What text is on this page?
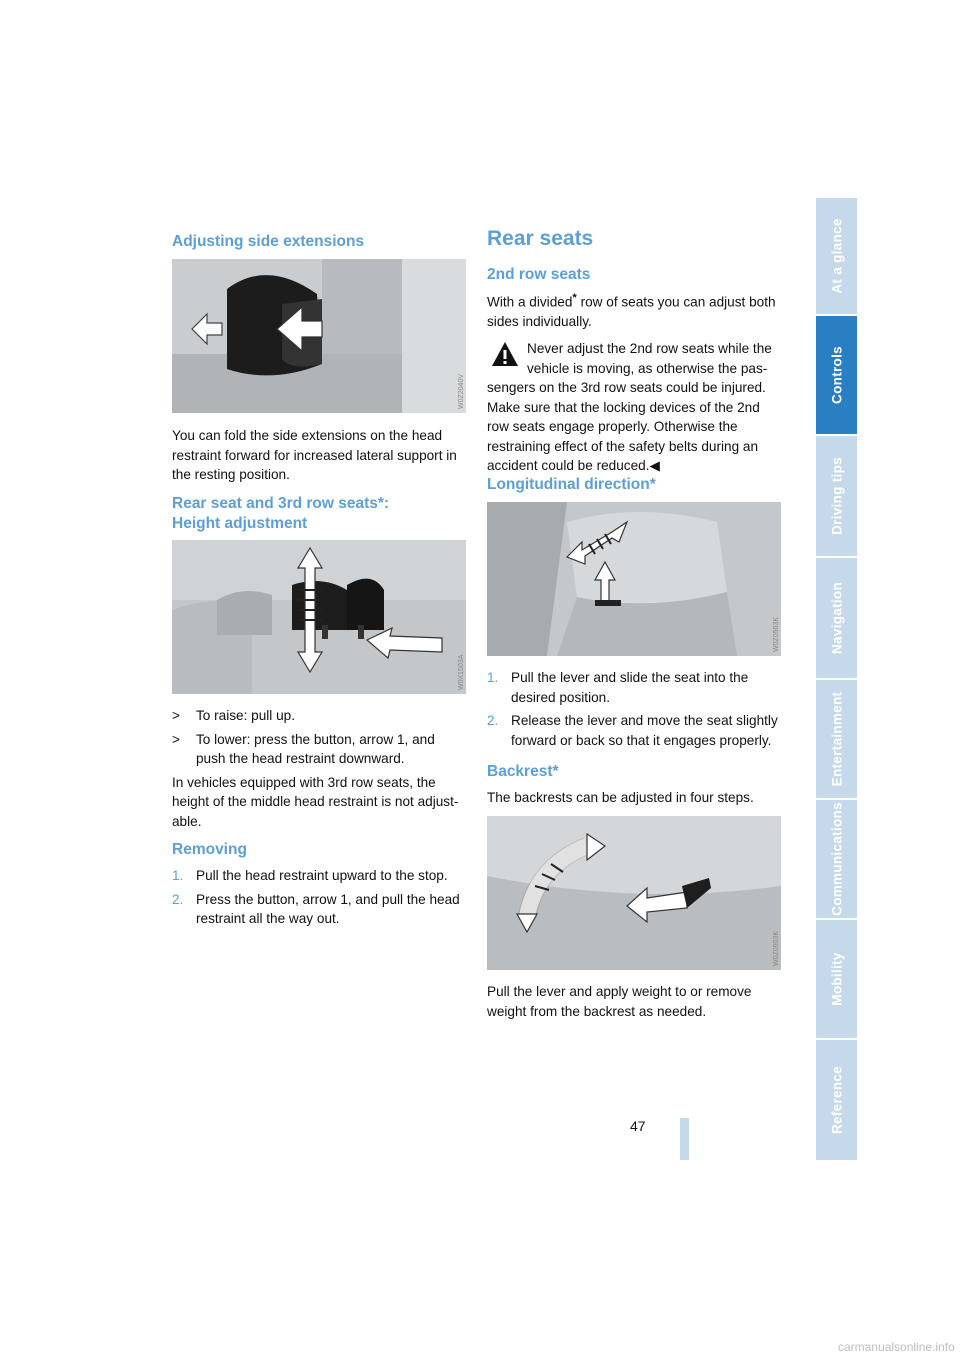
At a glance
Controls
Driving tips
Navigation
Entertainment
Communications
Mobility
Reference
Adjusting side extensions
W0Z2040V

You can fold the side extensions on the head restraint forward for increased lateral support in the resting position.

Rear seat and 3rd row seats*:
Height adjustment
W0X1503A
> To raise: pull up.
> To lower: press the button, arrow 1, and push the head restraint downward.

In vehicles equipped with 3rd row seats, the height of the middle head restraint is not adjust-able.

Removing
1. Pull the head restraint upward to the stop.
2. Press the button, arrow 1, and pull the head restraint all the way out.
Rear seats
2nd row seats

With a divided* row of seats you can adjust both sides individually.

Never adjust the 2nd row seats while the vehicle is moving, as otherwise the pas-sengers on the 3rd row seats could be injured. Make sure that the locking devices of the 2nd row seats engage properly. Otherwise the restraining effect of the safety belts during an accident could be reduced.◀

Longitudinal direction*
W0Z0503K
1. Pull the lever and slide the seat into the desired position.
2. Release the lever and move the seat slightly forward or back so that it engages properly.
Backrest*

The backrests can be adjusted in four steps.

W0Z0503K

Pull the lever and apply weight to or remove weight from the backrest as needed.

47
carmanualsonline.info
